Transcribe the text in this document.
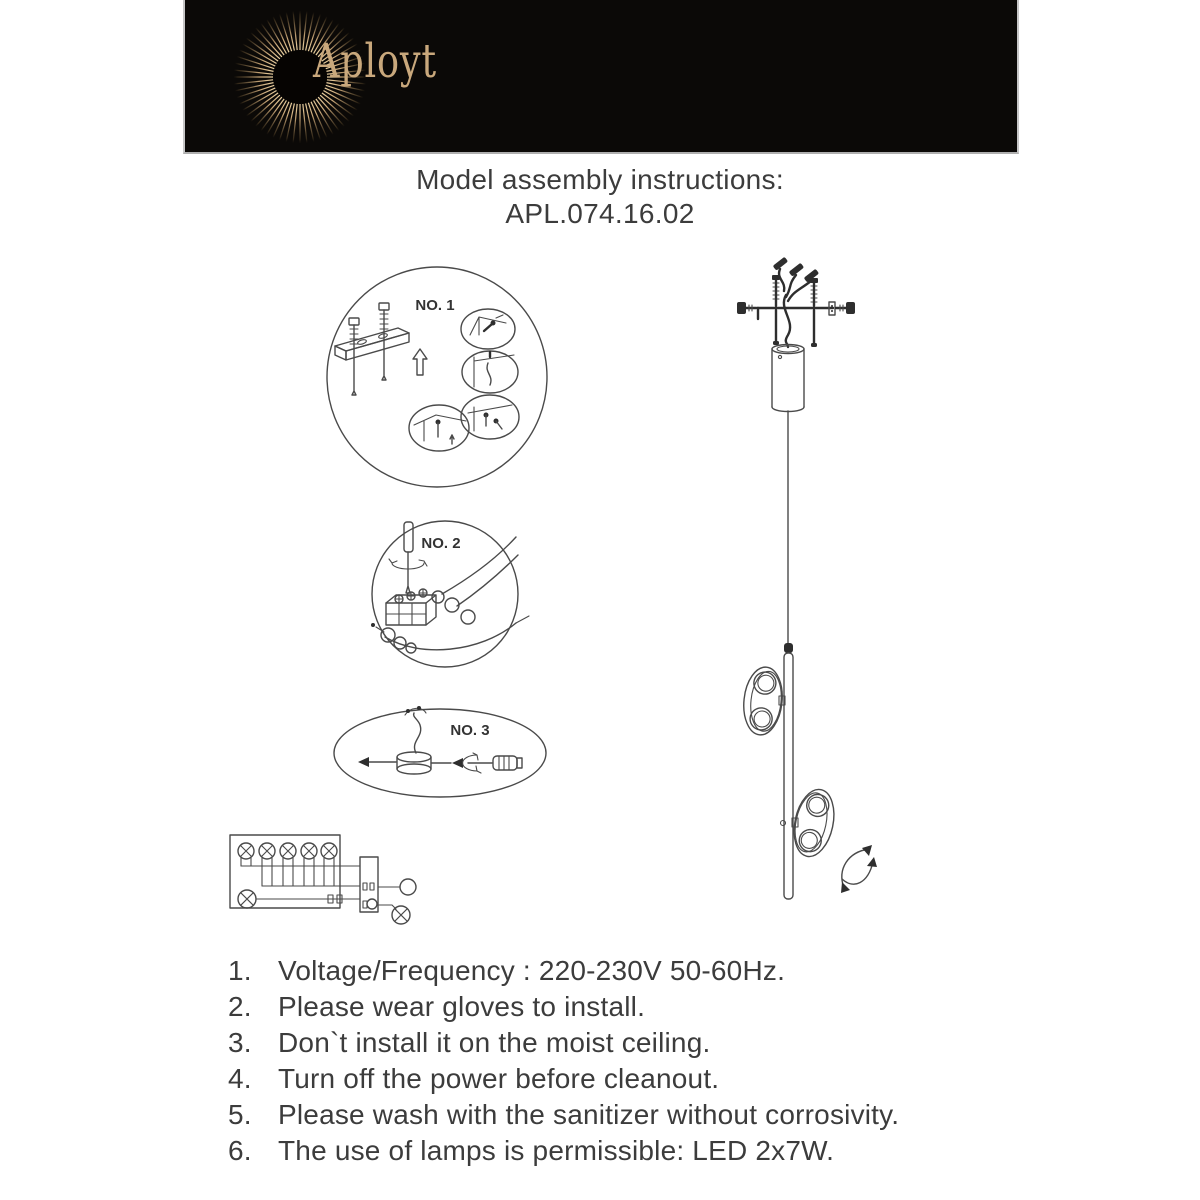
Aployt
Model assembly instructions:
APL.074.16.02
NO. 1
NO. 2
NO. 3
1. Voltage/Frequency : 220-230V 50-60Hz.
2. Please wear gloves to install.
3. Don`t install it on the moist ceiling.
4. Turn off the power before cleanout.
5. Please wash with the sanitizer without corrosivity.
6. The use of lamps is permissible: LED 2x7W.
